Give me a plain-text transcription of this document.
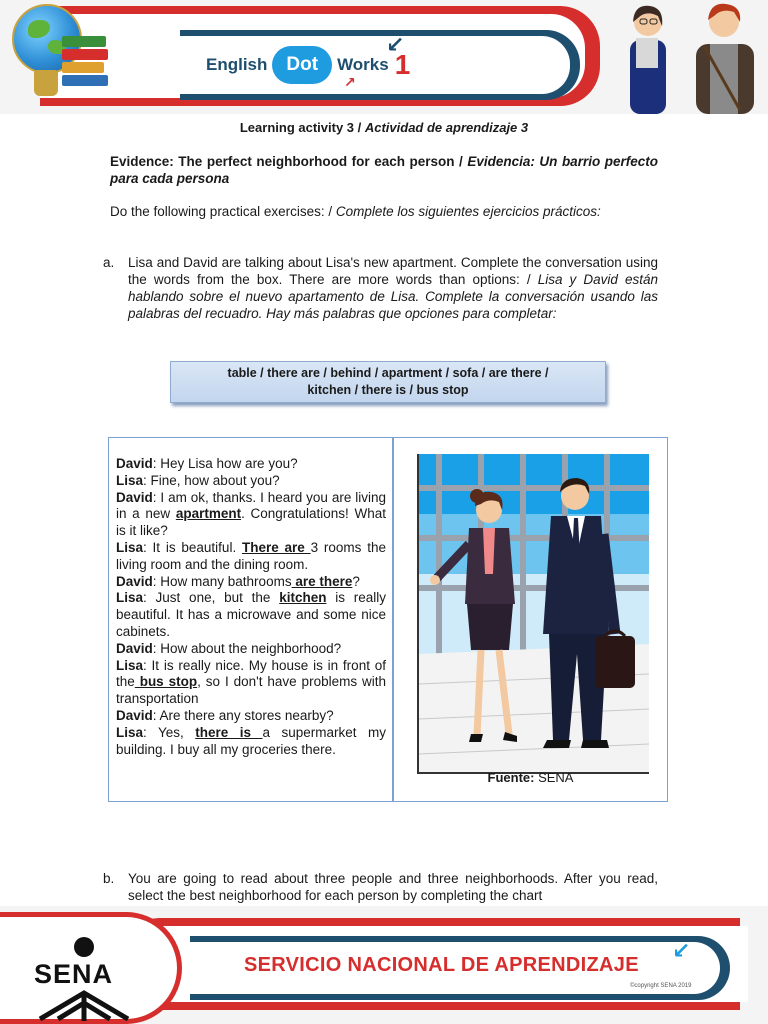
English	Dot	Works 1
↙
↗
Learning activity 3 / Actividad de aprendizaje 3
Evidence: The perfect neighborhood for each person / Evidencia: Un barrio perfecto para cada persona
Do the following practical exercises: / Complete los siguientes ejercicios prácticos:
a. Lisa and David are talking about Lisa's new apartment. Complete the conversation using the words from the box. There are more words than options: / Lisa y David están hablando sobre el nuevo apartamento de Lisa. Complete la conversación usando las palabras del recuadro. Hay más palabras que opciones para completar:
table / there are / behind / apartment / sofa / are there /
kitchen / there is / bus stop

David: Hey Lisa how are you?

Lisa: Fine, how about you?

David: I am ok, thanks. I heard you are living in a new apartment. Congratulations! What is it like?

Lisa: It is beautiful. There are 3 rooms the living room and the dining room.

David: How many bathrooms are there?

Lisa: Just one, but the kitchen is really beautiful. It has a microwave and some nice cabinets.

David: How about the neighborhood?

Lisa: It is really nice. My house is in front of the bus stop, so I don't have problems with transportation

David: Are there any stores nearby?

Lisa: Yes, there is a supermarket my building. I buy all my groceries there.

Fuente: SENA
b. You are going to read about three people and three neighborhoods. After you read, select the best neighborhood for each person by completing the chart
SENA	SERVICIO NACIONAL DE APRENDIZAJE
↙
©copyright SENA 2019
